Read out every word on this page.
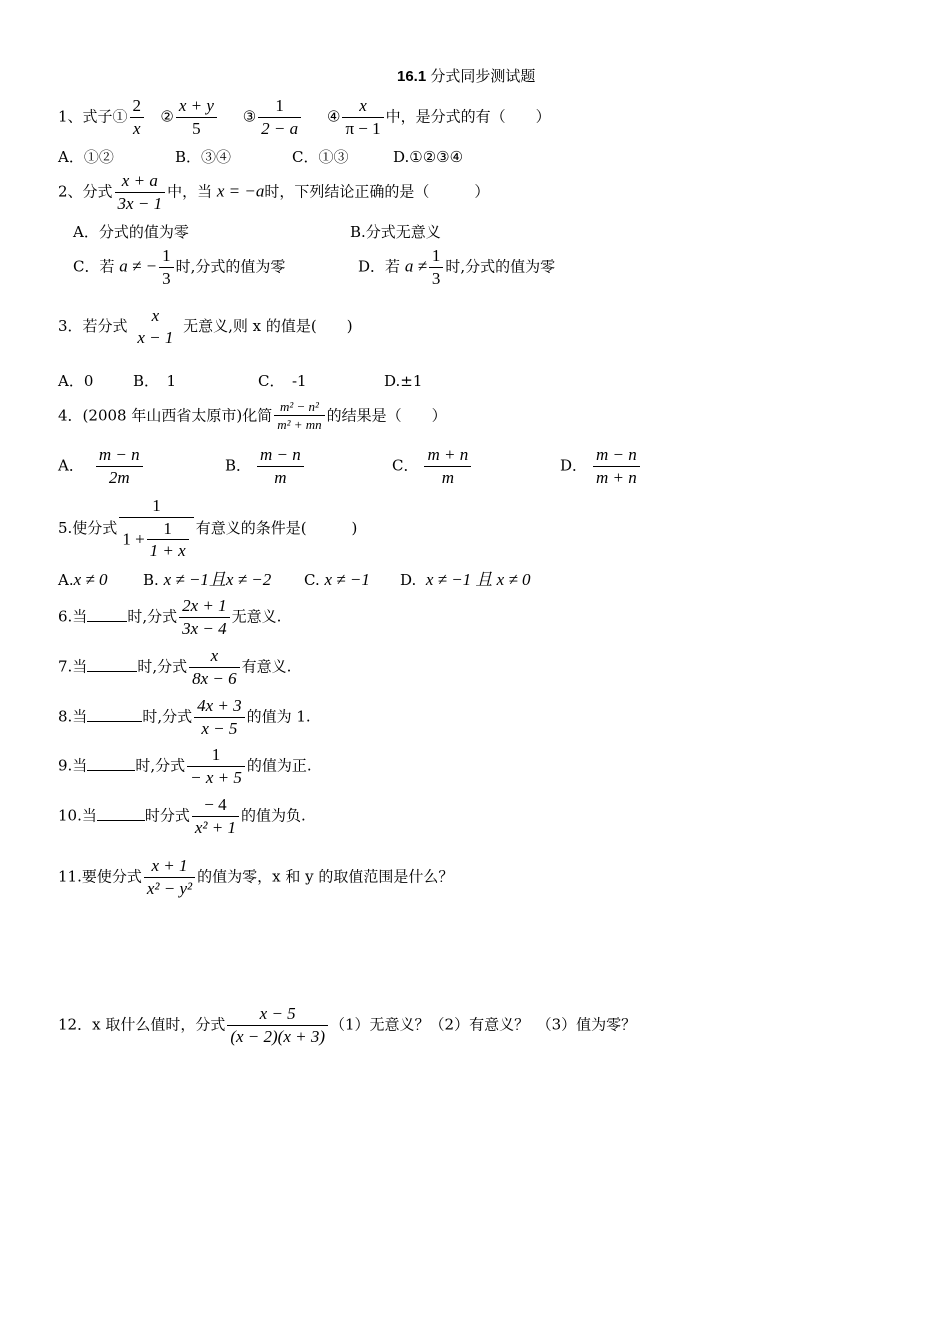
16.1 分式同步测试题
1、式子① $\frac{2}{x}$ ② $\frac{x + y}{5}$ ③ $\frac{1}{2 - a}$ ④ $\frac{x}{\pi - 1}$ 中，是分式的有（　　）
A．①②	B．③④	C．①③	D.①②③④
2、分式 $\frac{x + a}{3x - 1}$ 中，当 x = −a时，下列结论正确的是（　　　）
A．分式的值为零	B.分式无意义
C．若 a ≠ − $\frac{1}{3}$ 时,分式的值为零	D．若 $a \ne \frac{1}{3}$ 时,分式的值为零
3．若分式
x
x − 1
无意义,则 x 的值是(　　)
A．0	B．　1	C．　-1	D.±1
4．(2008 年山西省太原市)化简 $\frac{\text{m² − n²}}{\text{m² + mn}}$ 的结果是（　　）
A． $\frac{m - n}{2m}$	B． $\frac{m - n}{m}$	C． $\frac{m + n}{m}$	D． $\frac{m - n}{m + n}$
5.使分式 $\frac{1}{1 + \frac{1}{1 + x}}$ 有意义的条件是(　　　)
A.x ≠ 0 B. x ≠ −1且x ≠ −2 C. x ≠ −1 D. x ≠ −1 且 x ≠ 0
6.当	时,分式 $\frac{2x + 1}{3x - 4}$ 无意义.
7.当	时,分式 $\frac{x}{8x - 6}$ 有意义.
8.当	时,分式 $\frac{4x + 3}{x - 5}$ 的值为 1.
9.当	时,分式 $\frac{1}{- x + 5}$ 的值为正.
10.当	时分式 $\frac{- 4}{\text{x² + 1}}$ 的值为负.
11.要使分式 $\frac{x + 1}{\text{x² − y²}}$ 的值为零，x 和 y 的取值范围是什么？
12．x 取什么值时，分式 $\frac{x - 5}{(x - 2)(x + 3)} (1)$无意义？（2）有意义？　（3）值为零？
